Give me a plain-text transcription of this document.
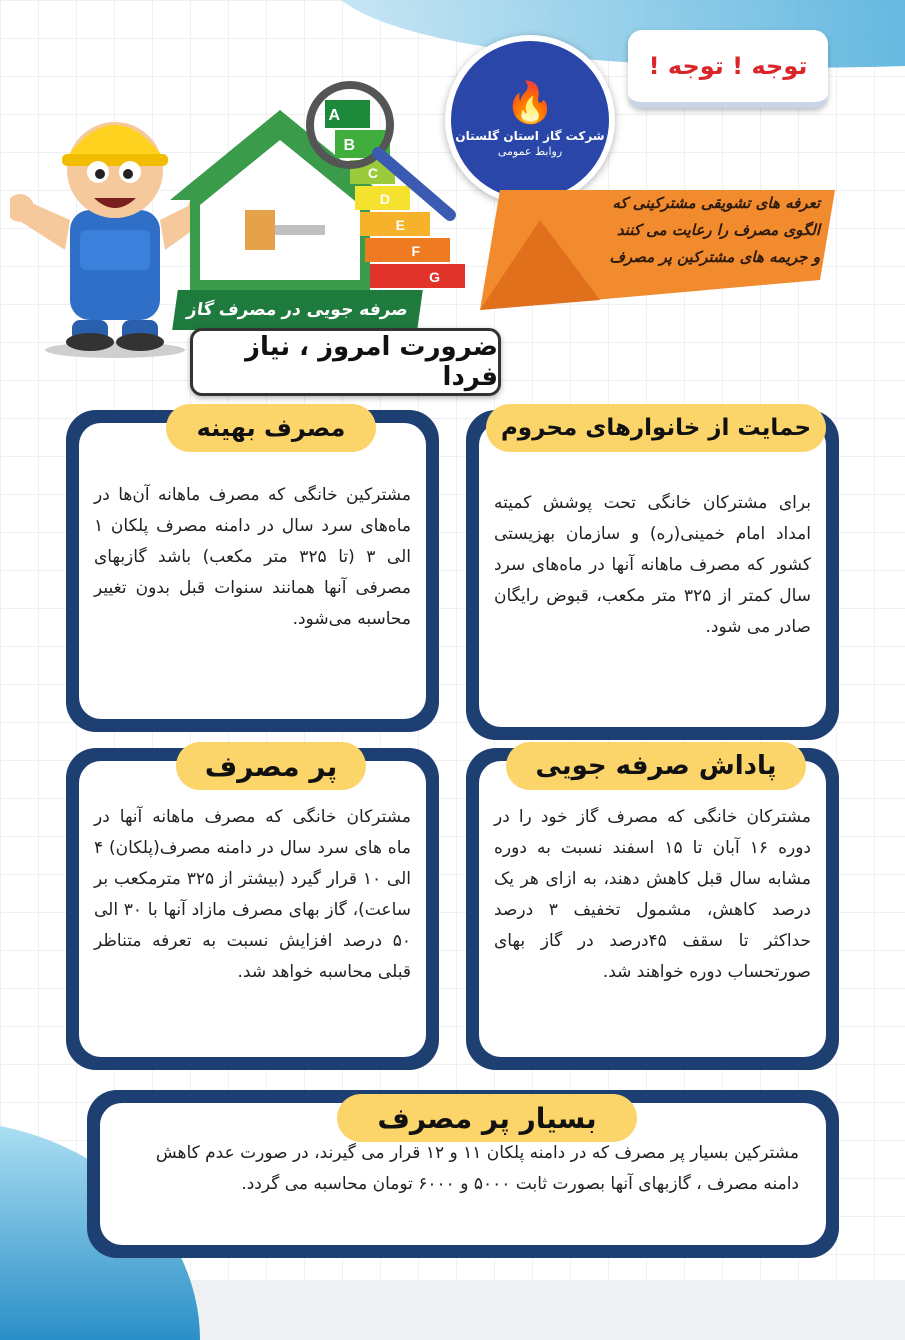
A
B
C
D
E
F
G
صرفه جویی در مصرف گاز
ضرورت امروز ، نیاز فردا
🔥
شرکت گاز استان گلستان
روابط عمومی
توجه ! توجه !
تعرفه های تشویقی مشترکینی که
الگوی مصرف را رعایت می کنند
و جریمه های مشترکین پر مصرف
مصرف بهینه
مشترکین خانگی که مصرف ماهانه آن‌ها در ماه‌های سرد سال در دامنه مصرف پلکان ۱ الی ۳ (تا ۳۲۵ متر مکعب) باشد گازبهای مصرفی آنها همانند سنوات قبل بدون تغییر محاسبه می‌شود.
حمایت از خانوارهای محروم
برای مشترکان خانگی تحت پوشش کمیته امداد امام خمینی(ره) و سازمان بهزیستی کشور که مصرف ماهانه آنها در ماه‌های سرد سال کمتر از ۳۲۵ متر مکعب، قبوض رایگان صادر می شود.
پر مصرف
مشترکان خانگی که مصرف ماهانه آنها در ماه های سرد سال در دامنه مصرف(پلکان) ۴ الی ۱۰ قرار گیرد (بیشتر از ۳۲۵ مترمکعب بر ساعت)، گاز بهای مصرف مازاد آنها با ۳۰ الی ۵۰ درصد افزایش نسبت به تعرفه متناظر قبلی محاسبه خواهد شد.
پاداش صرفه جویی
مشترکان خانگی که مصرف گاز خود را در دوره ۱۶ آبان تا ۱۵ اسفند نسبت به دوره مشابه سال قبل کاهش دهند، به ازای هر یک درصد کاهش، مشمول تخفیف ۳ درصد حداکثر تا سقف ۴۵درصد در گاز بهای صورتحساب دوره خواهند شد.
بسیار پر مصرف
مشترکین بسیار پر مصرف که در دامنه پلکان ۱۱ و ۱۲ قرار می گیرند، در صورت عدم کاهش دامنه مصرف ، گازبهای آنها بصورت ثابت ۵۰۰۰ و ۶۰۰۰ تومان محاسبه می گردد.
